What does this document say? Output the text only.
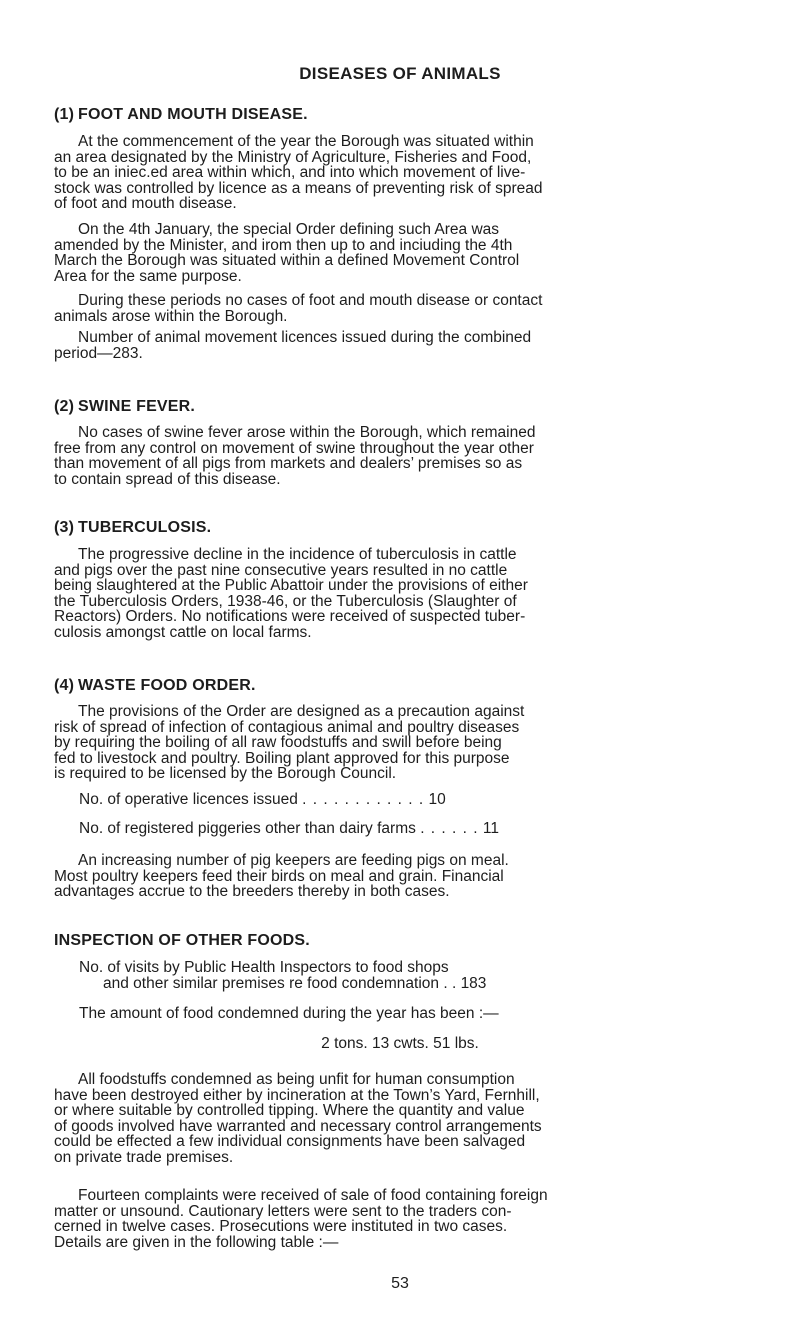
DISEASES OF ANIMALS
(1) FOOT AND MOUTH DISEASE.
At the commencement of the year the Borough was situated within
an area designated by the Ministry of Agriculture, Fisheries and Food,
to be an iniec.ed area within which, and into which movement of live-
stock was controlled by licence as a means of preventing risk of spread
of foot and mouth disease.
On the 4th January, the special Order defining such Area was
amended by the Minister, and irom then up to and inciuding the 4th
March the Borough was situated within a defined Movement Control
Area for the same purpose.
During these periods no cases of foot and mouth disease or contact
animals arose within the Borough.
Number of animal movement licences issued during the combined
period—283.
(2) SWINE FEVER.
No cases of swine fever arose within the Borough, which remained
free from any control on movement of swine throughout the year other
than movement of all pigs from markets and dealers’ premises so as
to contain spread of this disease.
(3) TUBERCULOSIS.
The progressive decline in the incidence of tuberculosis in cattle
and pigs over the past nine consecutive years resulted in no cattle
being slaughtered at the Public Abattoir under the provisions of either
the Tuberculosis Orders, 1938-46, or the Tuberculosis (Slaughter of
Reactors) Orders. No notifications were received of suspected tuber-
culosis amongst cattle on local farms.
(4) WASTE FOOD ORDER.
The provisions of the Order are designed as a precaution against
risk of spread of infection of contagious animal and poultry diseases
by requiring the boiling of all raw foodstuffs and swill before being
fed to livestock and poultry. Boiling plant approved for this purpose
is required to be licensed by the Borough Council.
No. of operative licences issued . . . . . . . . . . . . 10
No. of registered piggeries other than dairy farms . . . . . . 11
An increasing number of pig keepers are feeding pigs on meal.
Most poultry keepers feed their birds on meal and grain. Financial
advantages accrue to the breeders thereby in both cases.
INSPECTION OF OTHER FOODS.
No. of visits by Public Health Inspectors to food shops
and other similar premises re food condemnation . . 183
The amount of food condemned during the year has been :—
2 tons. 13 cwts. 51 lbs.
All foodstuffs condemned as being unfit for human consumption
have been destroyed either by incineration at the Town’s Yard, Fernhill,
or where suitable by controlled tipping. Where the quantity and value
of goods involved have warranted and necessary control arrangements
could be effected a few individual consignments have been salvaged
on private trade premises.
Fourteen complaints were received of sale of food containing foreign
matter or unsound. Cautionary letters were sent to the traders con-
cerned in twelve cases. Prosecutions were instituted in two cases.
Details are given in the following table :—
53
